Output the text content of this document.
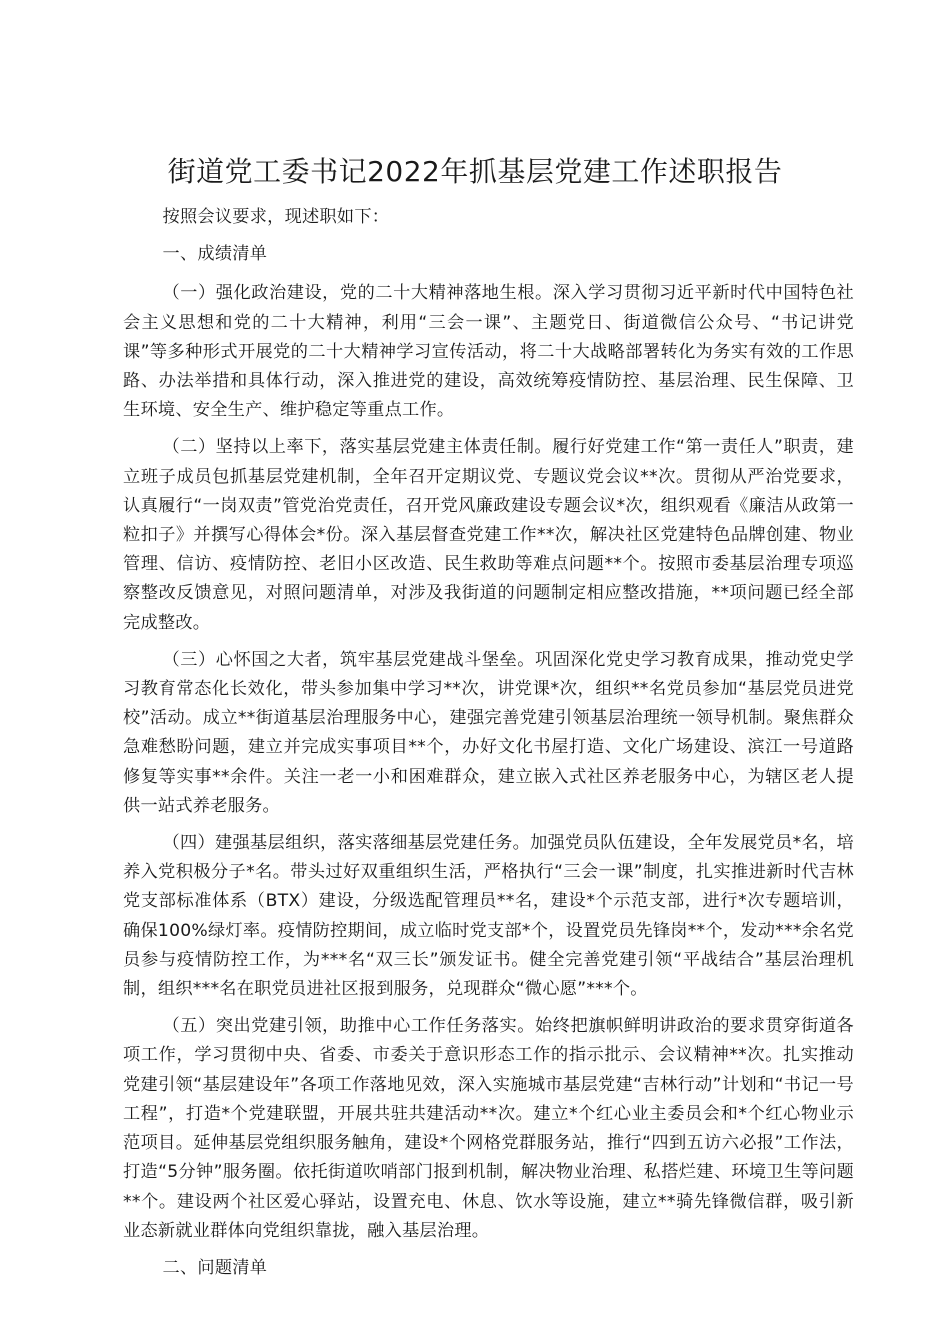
街道党工委书记2022年抓基层党建工作述职报告

按照会议要求，现述职如下：

一、成绩清单

（一）强化政治建设，党的二十大精神落地生根。深入学习贯彻习近平新时代中国特色社会主义思想和党的二十大精神，利用“三会一课”、主题党日、街道微信公众号、“书记讲党课”等多种形式开展党的二十大精神学习宣传活动，将二十大战略部署转化为务实有效的工作思路、办法举措和具体行动，深入推进党的建设，高效统筹疫情防控、基层治理、民生保障、卫生环境、安全生产、维护稳定等重点工作。

（二）坚持以上率下，落实基层党建主体责任制。履行好党建工作“第一责任人”职责，建立班子成员包抓基层党建机制，全年召开定期议党、专题议党会议**次。贯彻从严治党要求，认真履行“一岗双责”管党治党责任，召开党风廉政建设专题会议*次，组织观看《廉洁从政第一粒扣子》并撰写心得体会*份。深入基层督查党建工作**次，解决社区党建特色品牌创建、物业管理、信访、疫情防控、老旧小区改造、民生救助等难点问题**个。按照市委基层治理专项巡察整改反馈意见，对照问题清单，对涉及我街道的问题制定相应整改措施，**项问题已经全部完成整改。

（三）心怀国之大者，筑牢基层党建战斗堡垒。巩固深化党史学习教育成果，推动党史学习教育常态化长效化，带头参加集中学习**次，讲党课*次，组织**名党员参加“基层党员进党校”活动。成立**街道基层治理服务中心，建强完善党建引领基层治理统一领导机制。聚焦群众急难愁盼问题，建立并完成实事项目**个，办好文化书屋打造、文化广场建设、滨江一号道路修复等实事**余件。关注一老一小和困难群众，建立嵌入式社区养老服务中心，为辖区老人提供一站式养老服务。

（四）建强基层组织，落实落细基层党建任务。加强党员队伍建设，全年发展党员*名，培养入党积极分子*名。带头过好双重组织生活，严格执行“三会一课”制度，扎实推进新时代吉林党支部标准体系（BTX）建设，分级选配管理员**名，建设*个示范支部，进行*次专题培训，确保100%绿灯率。疫情防控期间，成立临时党支部*个，设置党员先锋岗**个，发动***余名党员参与疫情防控工作，为***名“双三长”颁发证书。健全完善党建引领“平战结合”基层治理机制，组织***名在职党员进社区报到服务，兑现群众“微心愿”***个。

（五）突出党建引领，助推中心工作任务落实。始终把旗帜鲜明讲政治的要求贯穿街道各项工作，学习贯彻中央、省委、市委关于意识形态工作的指示批示、会议精神**次。扎实推动党建引领“基层建设年”各项工作落地见效，深入实施城市基层党建“吉林行动”计划和“书记一号工程”，打造*个党建联盟，开展共驻共建活动**次。建立*个红心业主委员会和*个红心物业示范项目。延伸基层党组织服务触角，建设*个网格党群服务站，推行“四到五访六必报”工作法，打造“5分钟”服务圈。依托街道吹哨部门报到机制，解决物业治理、私搭烂建、环境卫生等问题**个。建设两个社区爱心驿站，设置充电、休息、饮水等设施，建立**骑先锋微信群，吸引新业态新就业群体向党组织靠拢，融入基层治理。

二、问题清单
